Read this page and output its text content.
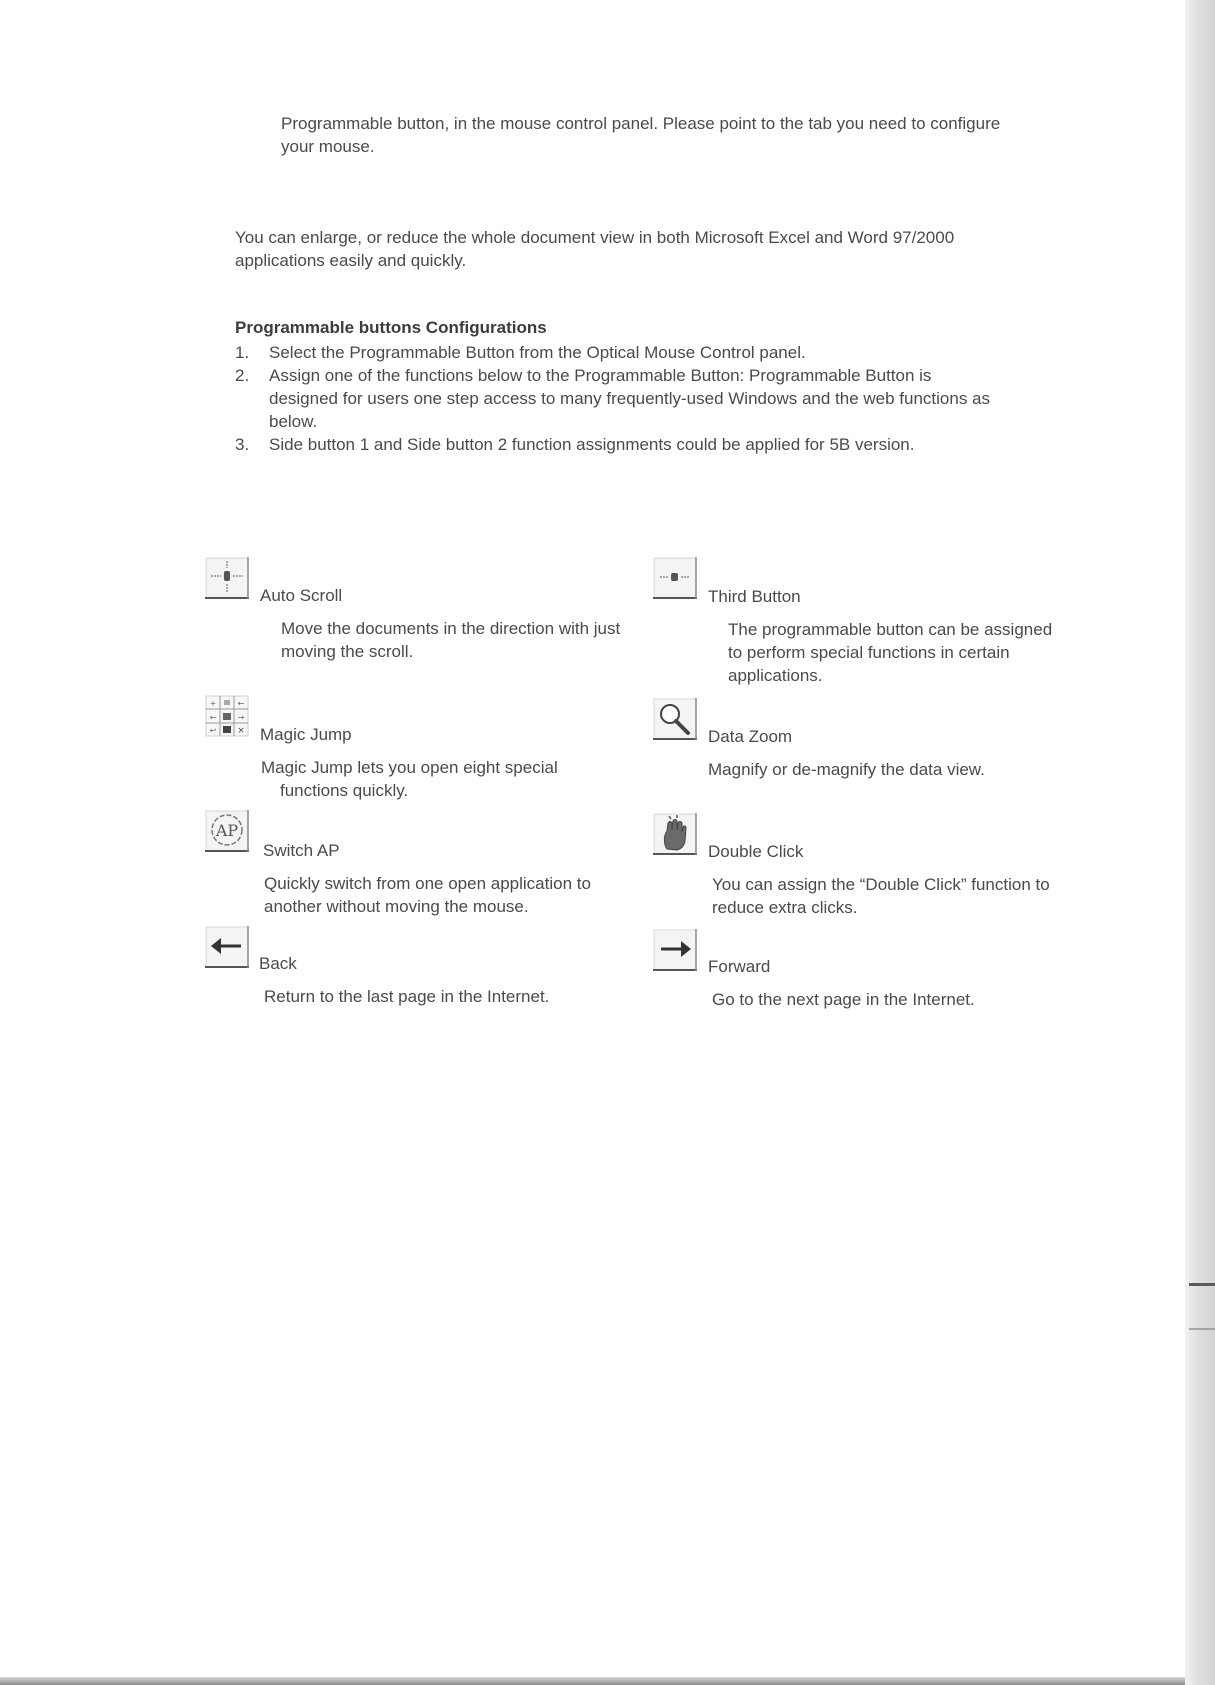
Programmable button, in the mouse control panel. Please point to the tab you need to configure your mouse.

You can enlarge, or reduce the whole document view in both Microsoft Excel and Word 97/2000 applications easily and quickly.

Programmable buttons Configurations
1. Select the Programmable Button from the Optical Mouse Control panel.
2. Assign one of the functions below to the Programmable Button: Programmable Button is designed for users one step access to many frequently-used Windows and the web functions as below.
3. Side button 1 and Side button 2 function assignments could be applied for 5B version.
Auto Scroll

Move the documents in the direction with just moving the scroll.

Third Button

The programmable button can be assigned to perform special functions in certain applications.

+	←
←	→
↩ × Magic Jump

Magic Jump lets you open eight special
functions quickly.

Data Zoom

Magnify or de-magnify the data view.

AP
Switch AP

Quickly switch from one open application to another without moving the mouse.

Double Click

You can assign the “Double Click” function to reduce extra clicks.

Back

Return to the last page in the Internet.

Forward

Go to the next page in the Internet.
